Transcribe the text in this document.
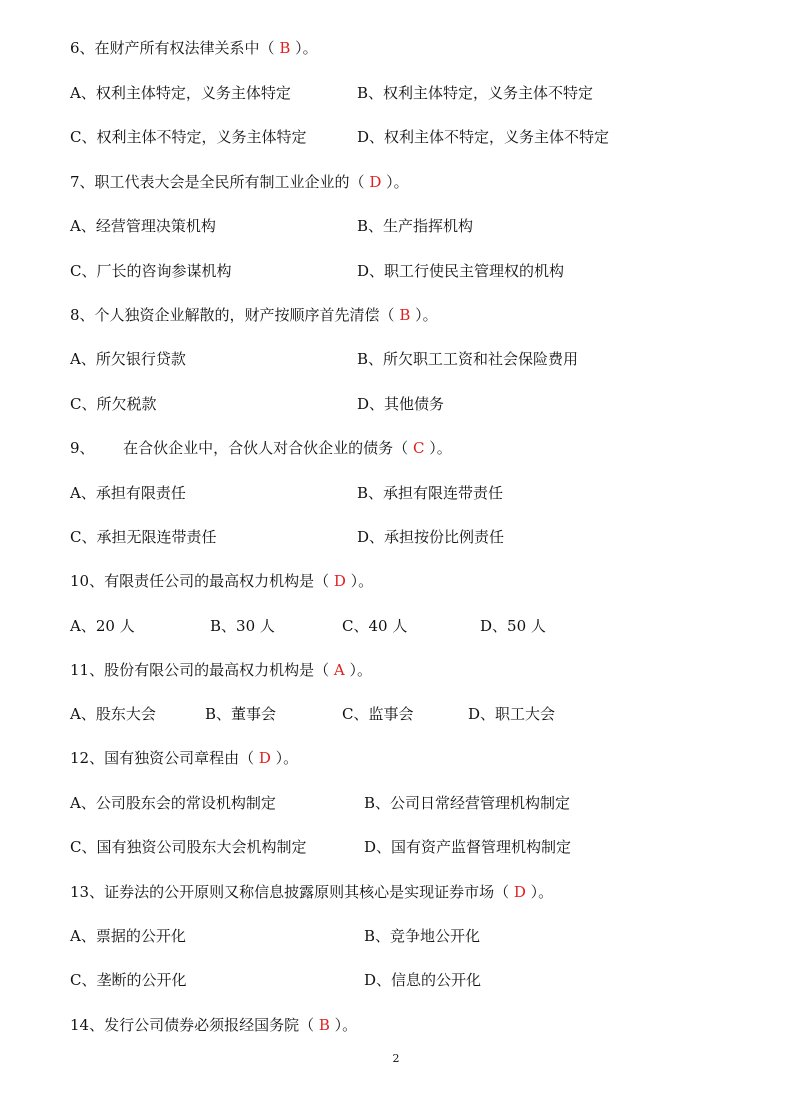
6、在财产所有权法律关系中（ B ）。
A、权利主体特定，义务主体特定	B、权利主体特定，义务主体不特定
C、权利主体不特定，义务主体特定	D、权利主体不特定，义务主体不特定
7、职工代表大会是全民所有制工业企业的（ D ）。
A、经营管理决策机构	B、生产指挥机构
C、厂长的咨询参谋机构	D、职工行使民主管理权的机构
8、个人独资企业解散的，财产按顺序首先清偿（ B ）。
A、所欠银行贷款	B、所欠职工工资和社会保险费用
C、所欠税款	D、其他债务
9、      在合伙企业中，合伙人对合伙企业的债务（ C ）。
A、承担有限责任	B、承担有限连带责任
C、承担无限连带责任	D、承担按份比例责任
10、有限责任公司的最高权力机构是（ D ）。
A、20 人	B、30 人	C、40 人	D、50 人
11、股份有限公司的最高权力机构是（ A ）。
A、股东大会	B、董事会	C、监事会	D、职工大会
12、国有独资公司章程由（ D ）。
A、公司股东会的常设机构制定	B、公司日常经营管理机构制定
C、国有独资公司股东大会机构制定	D、国有资产监督管理机构制定
13、证券法的公开原则又称信息披露原则其核心是实现证券市场（ D ）。
A、票据的公开化	B、竞争地公开化
C、垄断的公开化	D、信息的公开化
14、发行公司债券必须报经国务院（ B ）。
2
